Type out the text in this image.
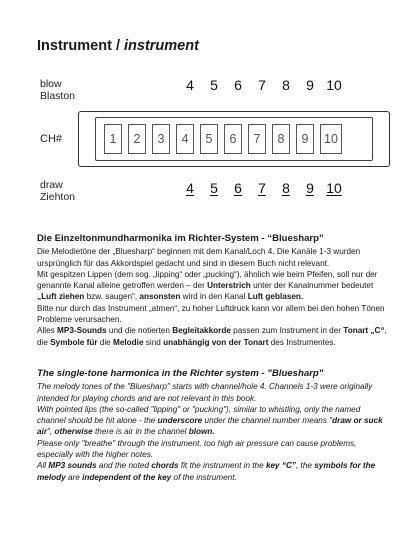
Instrument / instrument
blow
Blaston
4	5	6	7	8	9 10
CH#	1	2	3	4	5	6	7	8	9	10
draw
Ziehton
4	5	6	7	8	9 10
Die Einzeltonmundharmonika im Richter-System - “Bluesharp”

Die Melodietöne der „Bluesharp“ beginnen mit dem Kanal/Loch 4. Die Kanäle 1-3 wurden ursprünglich für das Akkordspiel gedacht und sind in diesem Buch nicht relevant.

Mit gespitzen Lippen (dem sog. „lipping“ oder „pucking“), ähnlich wie beim Pfeifen, soll nur der genannte Kanal alleine getroffen werden – der Unterstrich unter der Kanalnummer bedeutet „Luft ziehen bzw. saugen“, ansonsten wird in den Kanal Luft geblasen.

Bitte nur durch das Instrument „atmen“, zu hoher Luftdruck kann vor allem bei den hohen Tönen Probleme verursachen.

Alles MP3-Sounds und die notierten Begleitakkorde passen zum Instrument in der Tonart „C“, die Symbole für die Melodie sind unabhängig von der Tonart des Instrumentes.

The single-tone harmonica in the Richter system - "Bluesharp"

The melody tones of the "Bluesharp" starts with channel/hole 4. Channels 1-3 were originally intended for playing chords and are not relevant in this book.

With pointed lips (the so-called "lipping" or "pucking"), similar to whistling, only the named channel should be hit alone - the underscore under the channel number means "draw or suck air", otherwise there is air in the channel blown.

Please only "breathe" through the instrument, too high air pressure can cause problems, especially with the higher notes.

All MP3 sounds and the noted chords fit the instrument in the key “C”, the symbols for the melody are independent of the key of the instrument.
